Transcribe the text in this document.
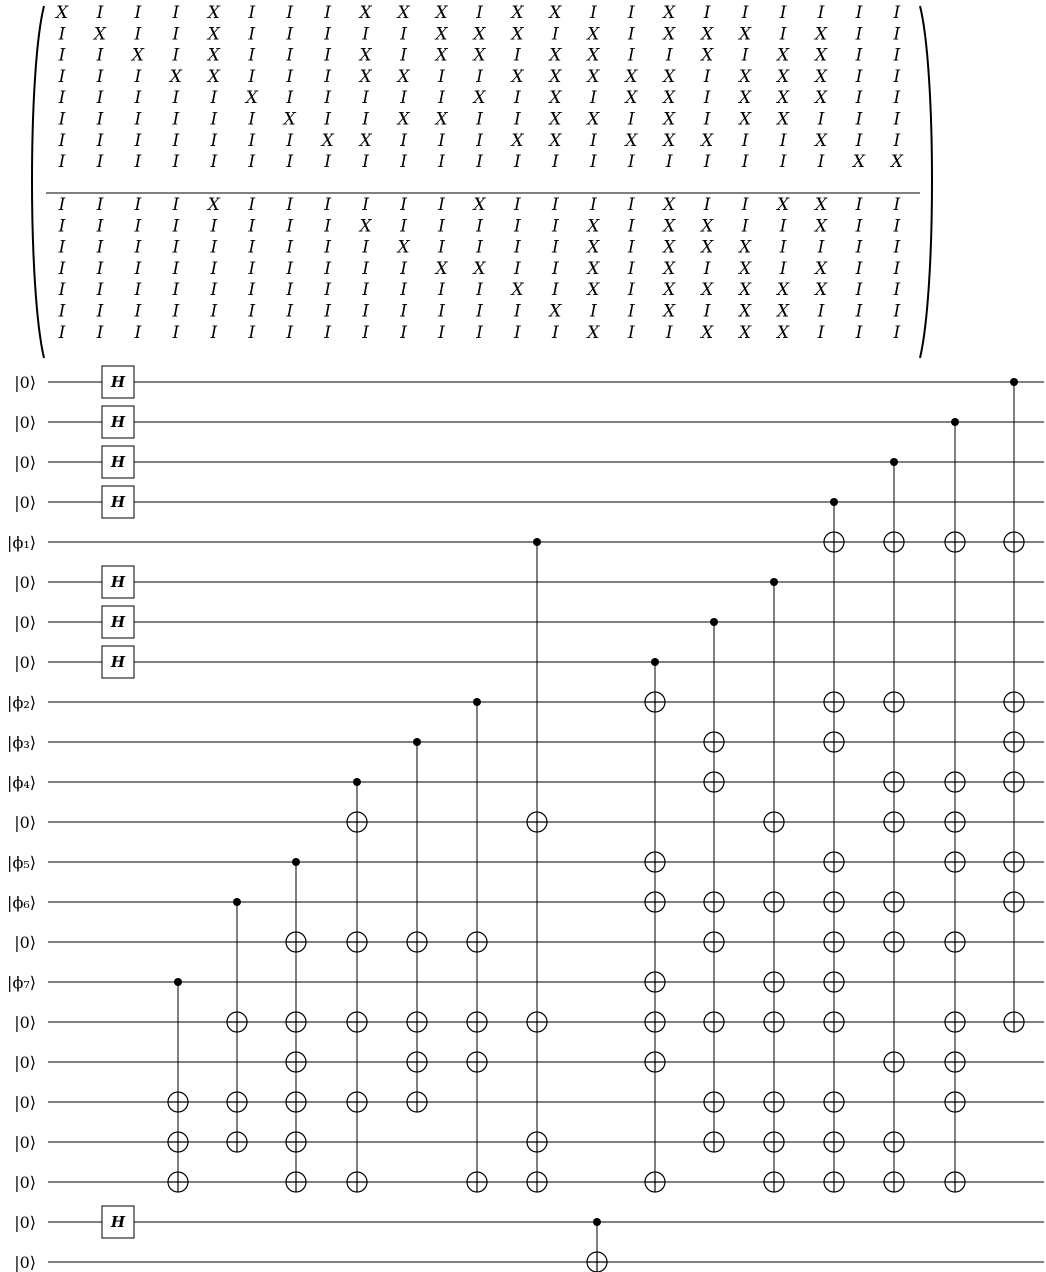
X I I I X I I I X X X I X X I I X I I I I I I
I X I I X I I I I I X X X I X I X X X I X I I
I I X I X I I I X I X X I X X I I X I X X I I
I I I X X I I I X X I I X X X X X I X X X I I
I I I I I X I I I I I X I X I X X I X X X I I
I I I I I I X I I X X I I X X I X I X X I I I
I I I I I I I X X I I I X X I X X X I I X I I
I I I I I I I I I I I I I I I I I I I I I X X
I I I I X I I I I I I X I I I I X I I X X I I
I I I I I I I I X I I I I I X I X X I I X I I
I I I I I I I I I X I I I I X I X X X I I I I
I I I I I I I I I I X X I I X I X I X I X I I
I I I I I I I I I I I I X I X I X X X X X I I
I I I I I I I I I I I I I X I I X I X X I I I
I I I I I I I I I I I I I I X I I X X X I I I
|0⟩
|0⟩
|0⟩
|0⟩
|ϕ₁⟩
|0⟩
|0⟩
|0⟩
|ϕ₂⟩
|ϕ₃⟩
|ϕ₄⟩
|0⟩
|ϕ₅⟩
|ϕ₆⟩
|0⟩
|ϕ₇⟩
|0⟩
|0⟩
|0⟩
|0⟩
|0⟩
|0⟩
|0⟩
H
H
H
H
H
H
H
H
